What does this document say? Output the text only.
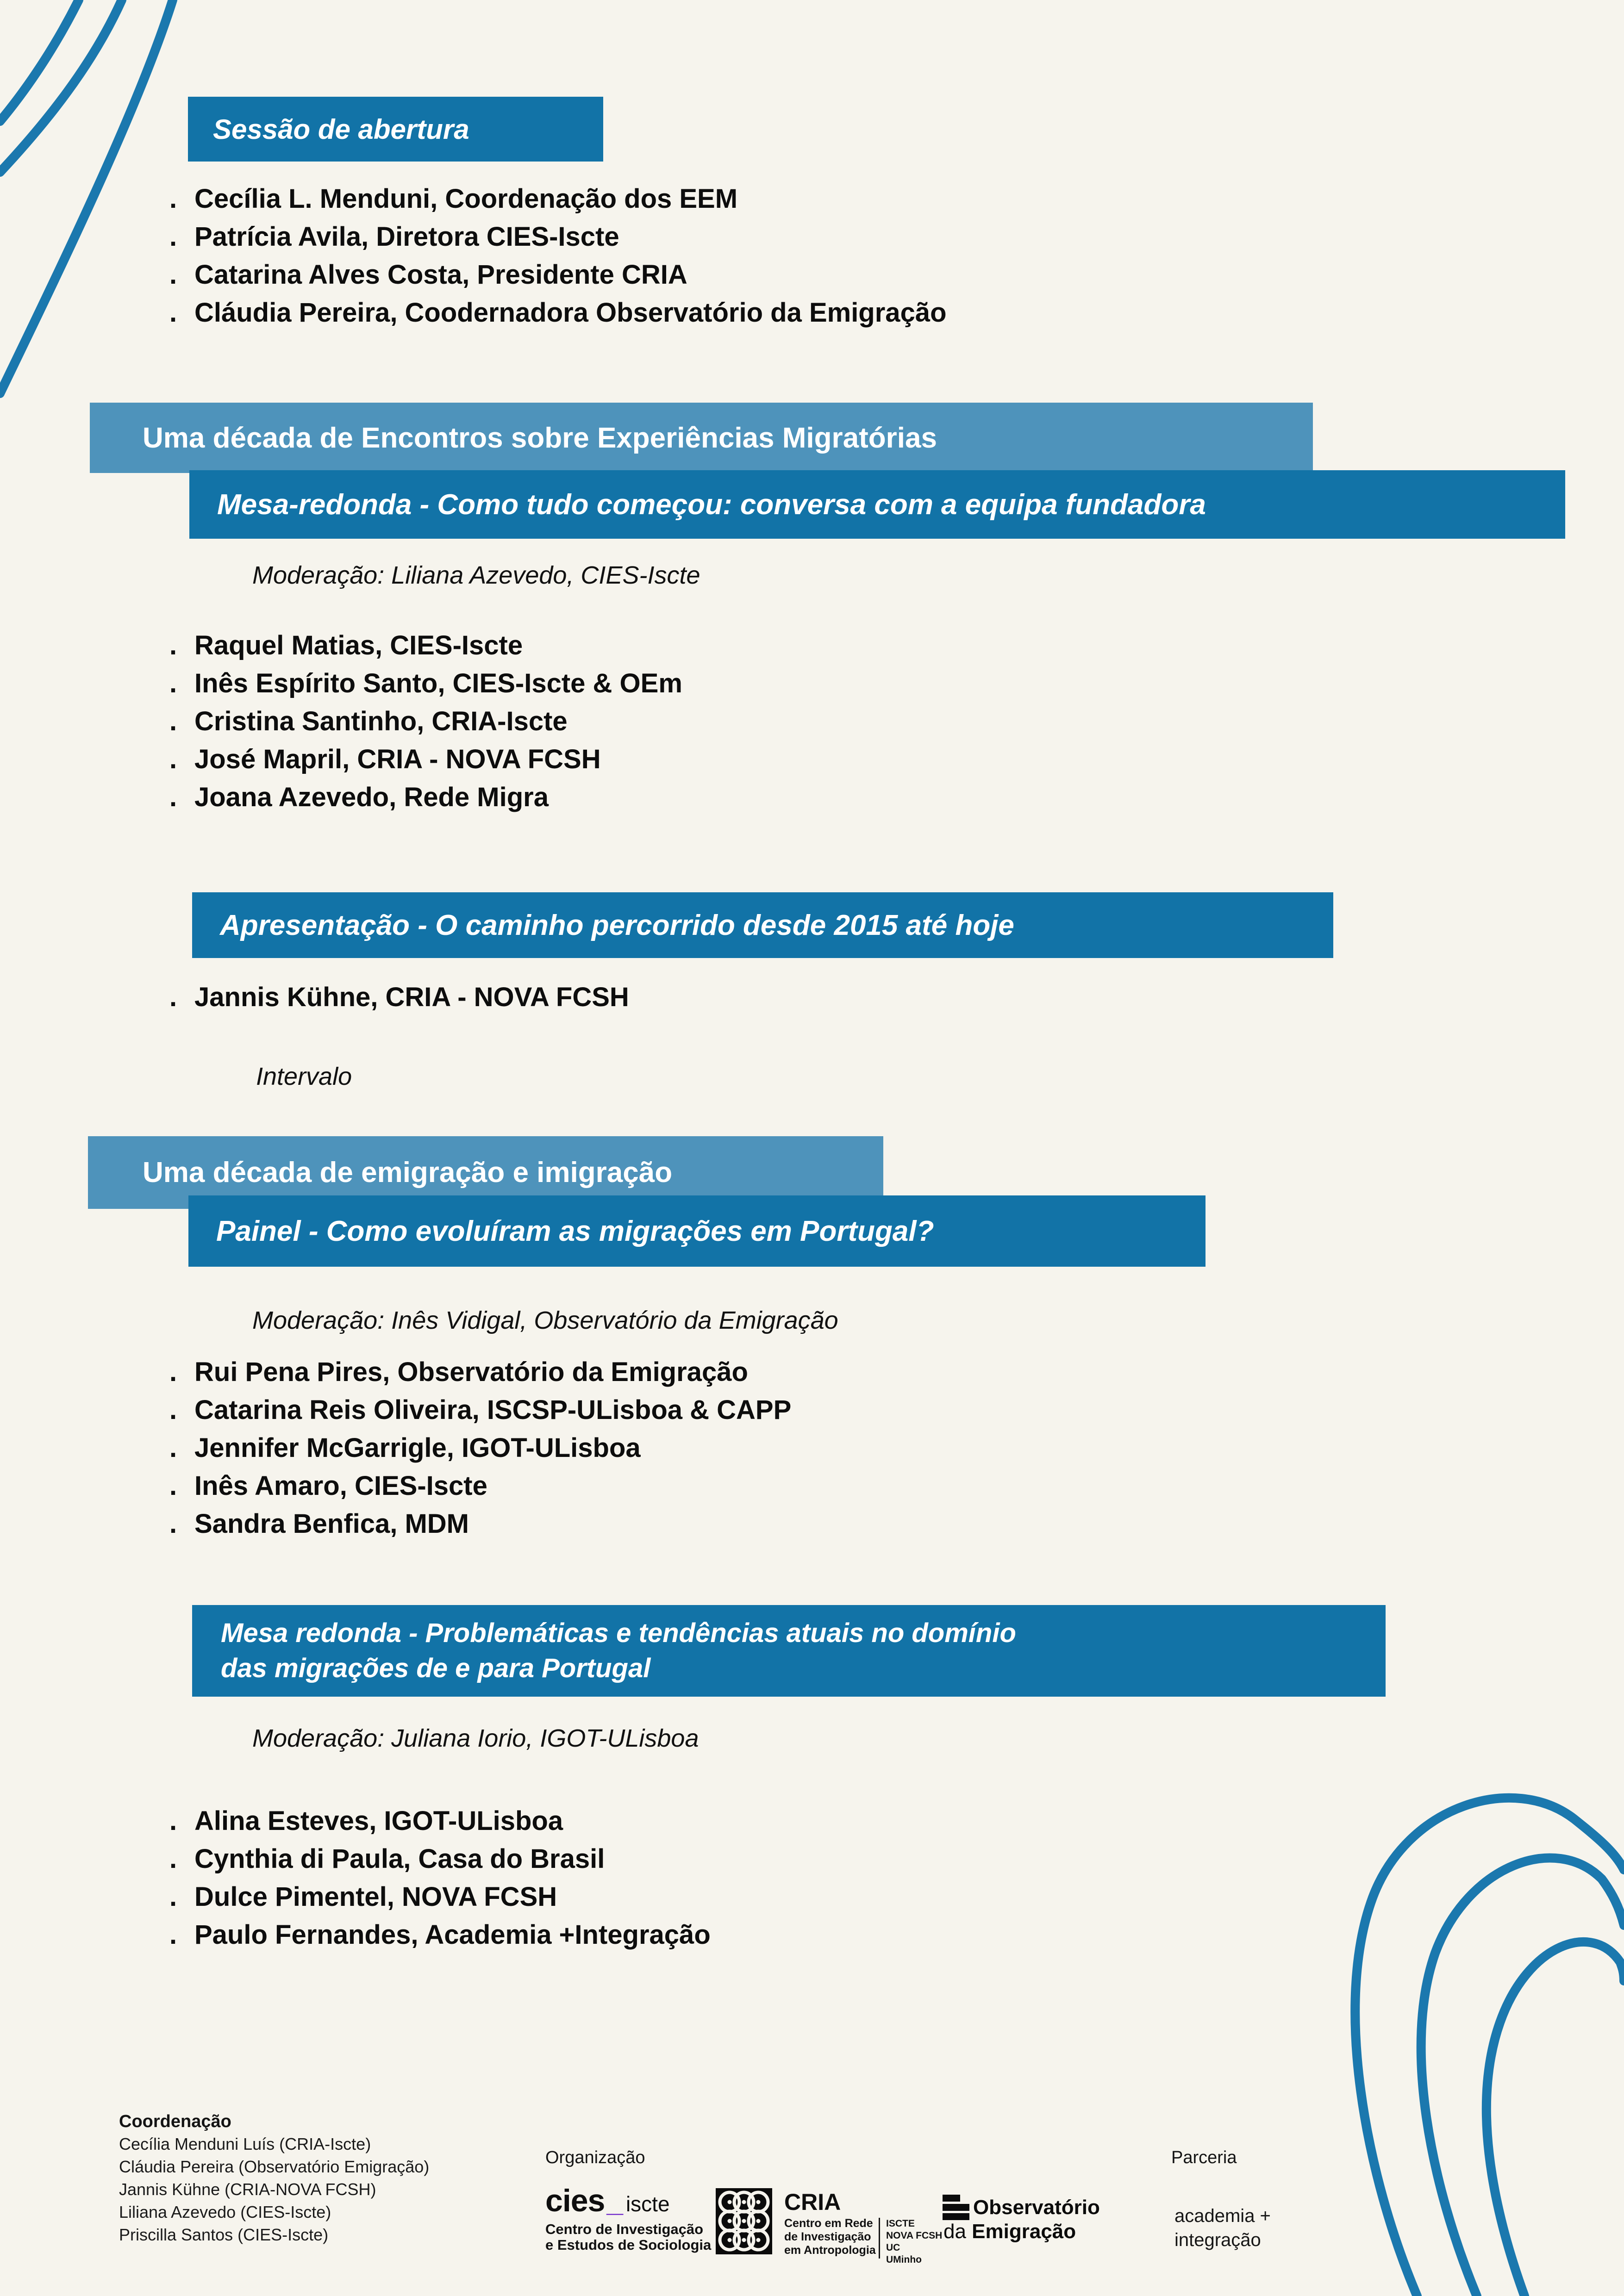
Sessão de abertura
. Cecília L. Menduni, Coordenação dos EEM
. Patrícia Avila, Diretora CIES-Iscte
. Catarina Alves Costa, Presidente CRIA
. Cláudia Pereira, Coodernadora Observatório da Emigração
Uma década de Encontros sobre Experiências Migratórias
Mesa-redonda - Como tudo começou: conversa com a equipa fundadora
Moderação: Liliana Azevedo, CIES-Iscte
. Raquel Matias, CIES-Iscte
. Inês Espírito Santo, CIES-Iscte & OEm
. Cristina Santinho, CRIA-Iscte
. José Mapril, CRIA - NOVA FCSH
. Joana Azevedo, Rede Migra
Apresentação - O caminho percorrido desde 2015 até hoje
. Jannis Kühne, CRIA - NOVA FCSH
Intervalo
Uma década de emigração e imigração
Painel - Como evoluíram as migrações em Portugal?
Moderação: Inês Vidigal, Observatório da Emigração
. Rui Pena Pires, Observatório da Emigração
. Catarina Reis Oliveira, ISCSP-ULisboa & CAPP
. Jennifer McGarrigle, IGOT-ULisboa
. Inês Amaro, CIES-Iscte
. Sandra Benfica, MDM
Mesa redonda - Problemáticas e tendências atuais no domínio
das migrações de e para Portugal
Moderação: Juliana Iorio, IGOT-ULisboa
. Alina Esteves, IGOT-ULisboa
. Cynthia di Paula, Casa do Brasil
. Dulce Pimentel, NOVA FCSH
. Paulo Fernandes, Academia +Integração
Coordenação
Cecília Menduni Luís (CRIA-Iscte)
Cláudia Pereira (Observatório Emigração)
Jannis Kühne (CRIA-NOVA FCSH)
Liliana Azevedo (CIES-Iscte)
Priscilla Santos (CIES-Iscte)
Organização
cies_ iscte
Centro de Investigação
e Estudos de Sociologia
CRIA
Centro em Rede
de Investigação
em Antropologia
ISCTE
NOVA FCSH
UC
UMinho
Observatório
da Emigração
Parceria
academia +
integração
